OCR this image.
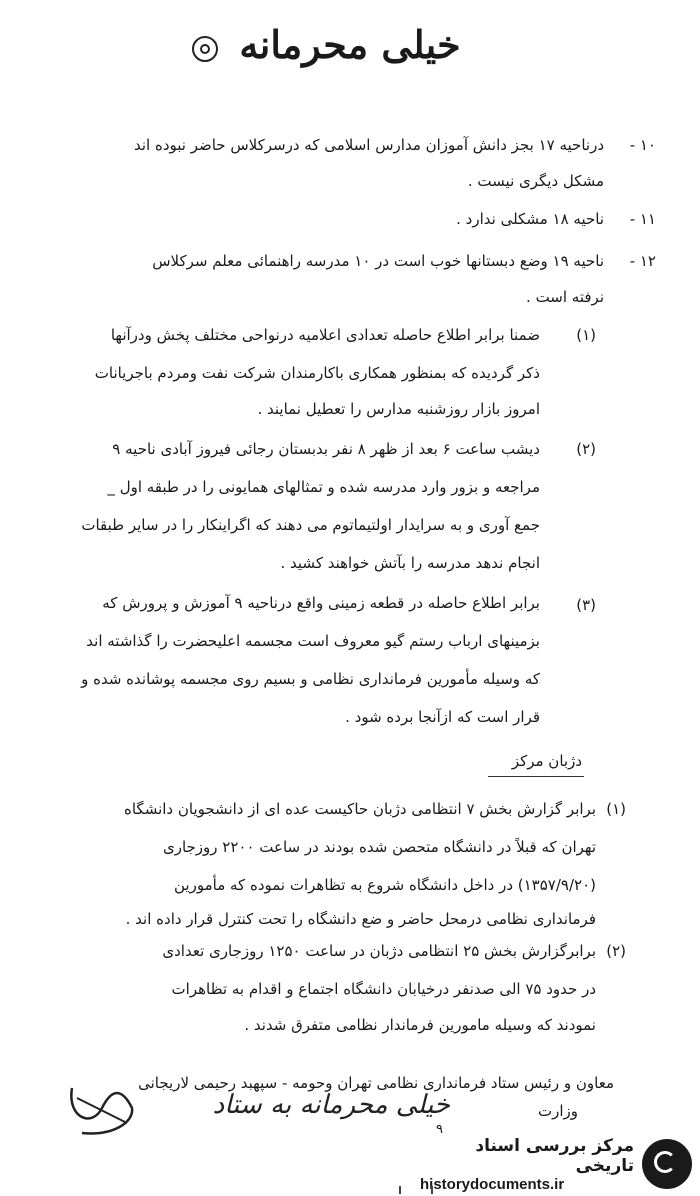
خیلی محرمانه
۱۰ -
درناحیه ۱۷ بجز دانش آموزان مدارس اسلامی که درسرکلاس حاضر نبوده اند
مشکل دیگری نیست .
۱۱ -
ناحیه ۱۸ مشکلی ندارد .
۱۲ -
ناحیه ۱۹ وضع دبستانها خوب است در ۱۰ مدرسه راهنمائی معلم سرکلاس
نرفته است .
(۱)
ضمنا برابر اطلاع حاصله تعدادی اعلامیه درنواحی مختلف پخش ودرآنها
ذکر گردیده که بمنظور همکاری باکارمندان شرکت نفت ومردم باجریانات
امروز بازار روزشنبه مدارس را تعطیل نمایند .
(۲)
دیشب ساعت ۶ بعد از ظهر ۸ نفر بدبستان رجائی فیروز آبادی ناحیه ۹
مراجعه و بزور وارد مدرسه شده و تمثالهای همایونی را در طبقه اول _
جمع آوری و به سرایدار اولتیماتوم می دهند که اگراینکار را در سایر طبقات
انجام ندهد مدرسه را بآتش خواهند کشید .
(۳)
برابر اطلاع حاصله در قطعه زمینی واقع درناحیه ۹ آموزش و پرورش که
بزمینهای ارباب رستم گیو معروف است مجسمه اعلیحضرت را گذاشته اند
که وسیله مأمورین فرمانداری نظامی و بسیم روی مجسمه پوشانده شده و
قرار است که ازآنجا برده شود .
دژبان مرکز
(۱)
برابر گزارش بخش ۷ انتظامی دژبان حاکیست عده ای از دانشجویان دانشگاه
تهران که قبلاً در دانشگاه متحصن شده بودند در ساعت ۲۲۰۰ روزجاری
(۱۳۵۷/۹/۲۰) در داخل دانشگاه شروع به تظاهرات نموده که مأمورین
فرمانداری نظامی درمحل حاضر و ضع دانشگاه را تحت کنترل قرار داده اند .
(۲)
برابرگزارش بخش ۲۵ انتظامی دژبان در ساعت ۱۲۵۰ روزجاری تعدادی
در حدود ۷۵ الی صدنفر درخیابان دانشگاه اجتماع و اقدام به تظاهرات
نمودند که وسیله مامورین فرماندار نظامی متفرق شدند .
معاون و رئیس ستاد فرمانداری نظامی تهران وحومه - سپهبد رحیمی لاریجانی
خیلی محرمانه به ستاد	وزارت
۹
مرکز بررسی اسناد تاریخی
historydocuments.ir
